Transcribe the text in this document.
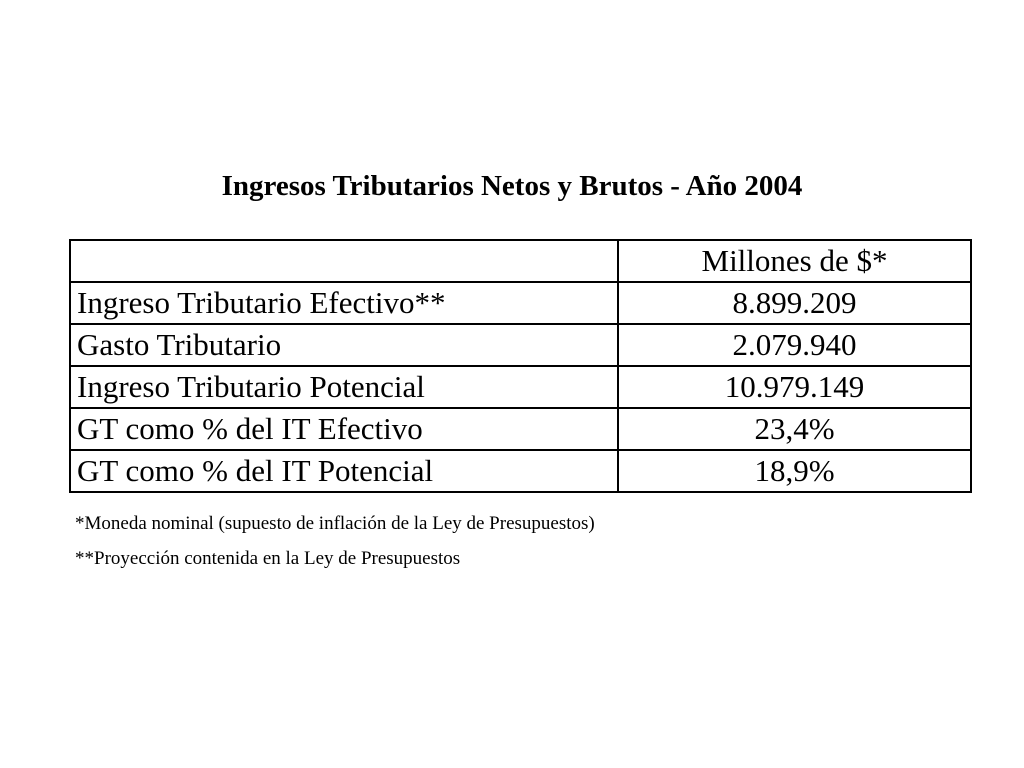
Ingresos Tributarios Netos y Brutos - Año 2004
	Millones de $*
Ingreso Tributario Efectivo**	8.899.209
Gasto Tributario	2.079.940
Ingreso Tributario Potencial	10.979.149
GT como % del IT Efectivo	23,4%
GT como % del IT Potencial	18,9%
*Moneda nominal (supuesto de inflación de la Ley de Presupuestos)
**Proyección contenida en la Ley de Presupuestos
